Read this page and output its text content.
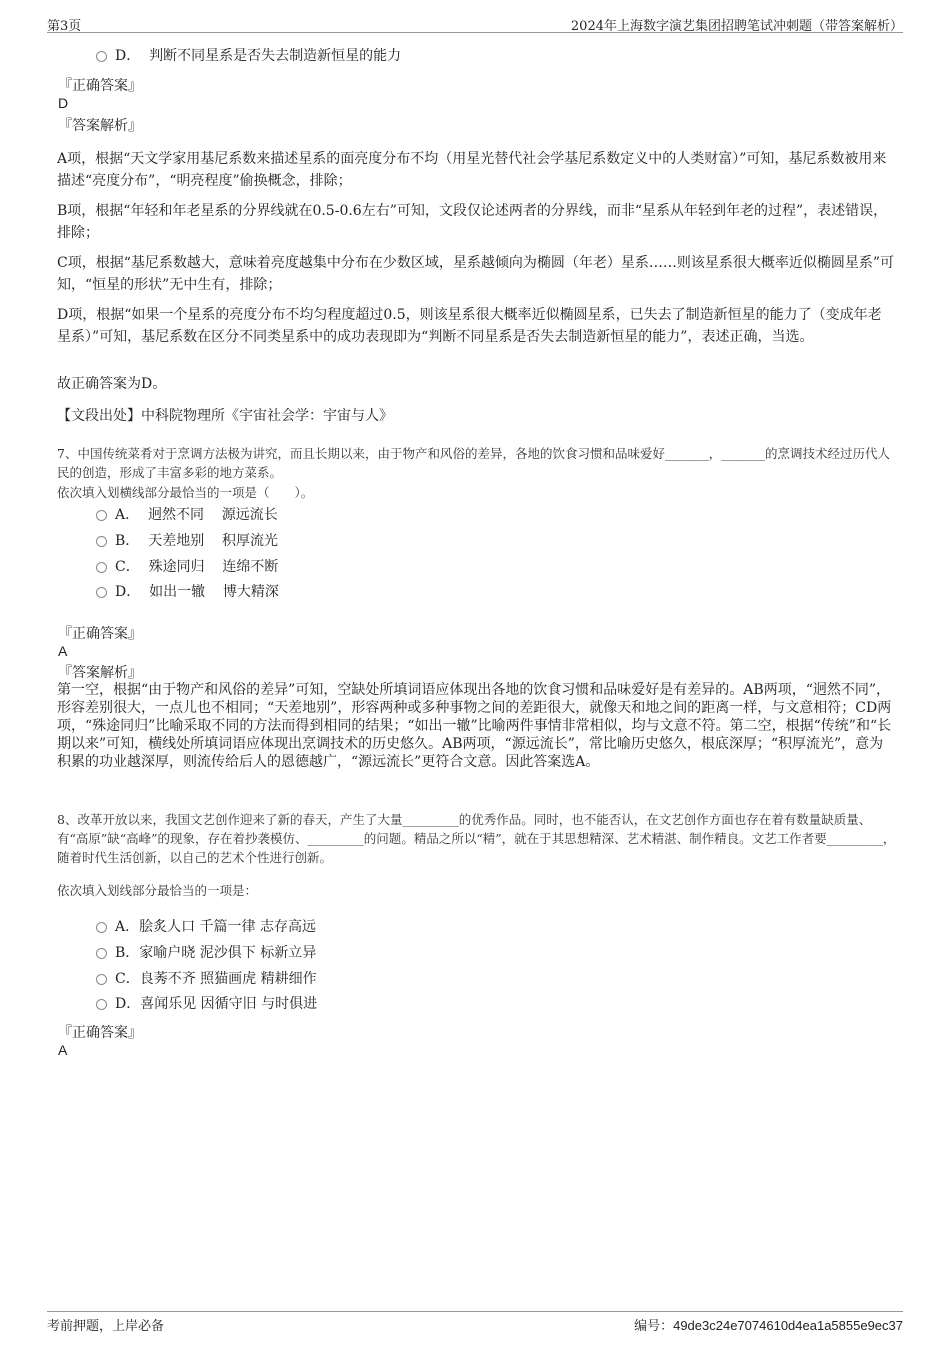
第3页	2024年上海数字演艺集团招聘笔试冲刺题（带答案解析）
D．  判断不同星系是否失去制造新恒星的能力
『正确答案』
D
『答案解析』
A项，根据“天文学家用基尼系数来描述星系的面亮度分布不均（用星光替代社会学基尼系数定义中的人类财富）”可知，基尼系数被用来描述“亮度分布”，“明亮程度”偷换概念，排除；
B项，根据“年轻和年老星系的分界线就在0.5-0.6左右”可知，文段仅论述两者的分界线，而非“星系从年轻到年老的过程”，表述错误，排除；
C项，根据“基尼系数越大，意味着亮度越集中分布在少数区域，星系越倾向为椭圆（年老）星系……则该星系很大概率近似椭圆星系”可知，“恒星的形状”无中生有，排除；
D项，根据“如果一个星系的亮度分布不均匀程度超过0.5，则该星系很大概率近似椭圆星系，已失去了制造新恒星的能力了（变成年老星系）”可知，基尼系数在区分不同类星系中的成功表现即为“判断不同星系是否失去制造新恒星的能力”，表述正确，当选。
故正确答案为D。
【文段出处】中科院物理所《宇宙社会学：宇宙与人》
7、中国传统菜肴对于烹调方法极为讲究，而且长期以来，由于物产和风俗的差异，各地的饮食习惯和品味爱好_______，_______的烹调技术经过历代人民的创造，形成了丰富多彩的地方菜系。
依次填入划横线部分最恰当的一项是（　　）。
A．  迥然不同    源远流长
B．  天差地别    积厚流光
C．  殊途同归    连绵不断
D．  如出一辙    博大精深
『正确答案』
A
『答案解析』
第一空，根据“由于物产和风俗的差异”可知，空缺处所填词语应体现出各地的饮食习惯和品味爱好是有差异的。AB两项，“迥然不同”，形容差别很大，一点儿也不相同；“天差地别”，形容两种或多种事物之间的差距很大，就像天和地之间的距离一样，与文意相符；CD两项，“殊途同归”比喻采取不同的方法而得到相同的结果；“如出一辙”比喻两件事情非常相似，均与文意不符。第二空，根据“传统”和“长期以来”可知，横线处所填词语应体现出烹调技术的历史悠久。AB两项，“源远流长”，常比喻历史悠久，根底深厚；“积厚流光”，意为积累的功业越深厚，则流传给后人的恩德越广，“源远流长”更符合文意。因此答案选A。
8、改革开放以来，我国文艺创作迎来了新的春天，产生了大量_________的优秀作品。同时，也不能否认，在文艺创作方面也存在着有数量缺质量、有“高原”缺“高峰”的现象，存在着抄袭模仿、_________的问题。精品之所以“精”，就在于其思想精深、艺术精湛、制作精良。文艺工作者要_________，随着时代生活创新，以自己的艺术个性进行创新。
依次填入划线部分最恰当的一项是：
A．脍炙人口 千篇一律 志存高远
B．家喻户晓 泥沙俱下 标新立异
C．良莠不齐 照猫画虎 精耕细作
D．喜闻乐见 因循守旧 与时俱进
『正确答案』
A
考前押题，上岸必备	编号：49de3c24e7074610d4ea1a5855e9ec37
